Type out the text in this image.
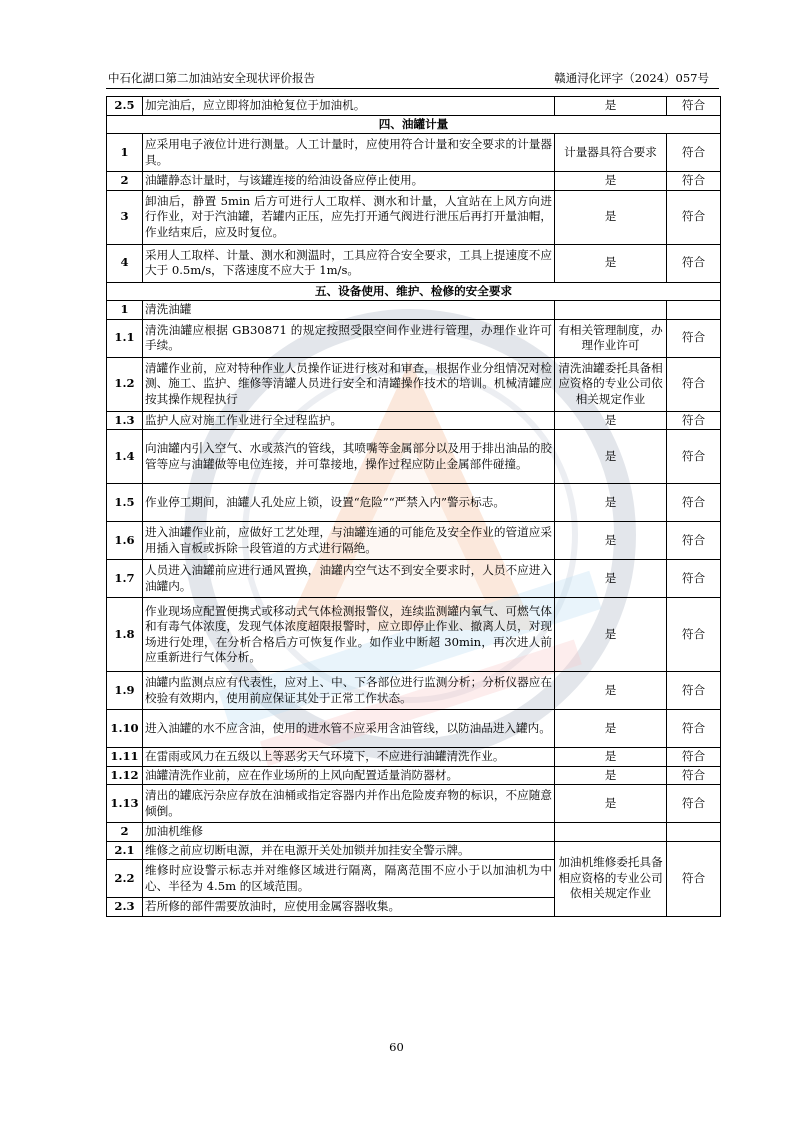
中石化湖口第二加油站安全现状评价报告	赣通浔化评字（2024）057号
2.5	加完油后，应立即将加油枪复位于加油机。	是	符合
四、油罐计量			
1	应采用电子液位计进行测量。人工计量时，应使用符合计量和安全要求的计量器具。	计量器具符合要求	符合
2	油罐静态计量时，与该罐连接的给油设备应停止使用。	是	符合
3	卸油后，静置 5min 后方可进行人工取样、测水和计量，人宜站在上风方向进行作业，对于汽油罐，若罐内正压，应先打开通气阀进行泄压后再打开量油帽，作业结束后，应及时复位。	是	符合
4	采用人工取样、计量、测水和测温时，工具应符合安全要求，工具上提速度不应大于 0.5m/s，下落速度不应大于 1m/s。	是	符合
五、设备使用、维护、检修的安全要求			
1	清洗油罐		
1.1	清洗油罐应根据 GB30871 的规定按照受限空间作业进行管理，办理作业许可手续。	有相关管理制度，办理作业许可	符合
1.2	清罐作业前，应对特种作业人员操作证进行核对和审查，根据作业分组情况对检测、施工、监护、维修等清罐人员进行安全和清罐操作技术的培训。机械清罐应按其操作规程执行	清洗油罐委托具备相应资格的专业公司依相关规定作业	符合
1.3	监护人应对施工作业进行全过程监护。	是	符合
1.4	向油罐内引入空气、水或蒸汽的管线，其喷嘴等金属部分以及用于排出油品的胶管等应与油罐做等电位连接，并可靠接地，操作过程应防止金属部件碰撞。	是	符合
1.5	作业停工期间，油罐人孔处应上锁，设置“危险”“严禁入内”警示标志。	是	符合
1.6	进入油罐作业前，应做好工艺处理，与油罐连通的可能危及安全作业的管道应采用插入盲板或拆除一段管道的方式进行隔绝。	是	符合
1.7	人员进入油罐前应进行通风置换，油罐内空气达不到安全要求时，人员不应进入油罐内。	是	符合
1.8	作业现场应配置便携式或移动式气体检测报警仪，连续监测罐内氧气、可燃气体和有毒气体浓度，发现气体浓度超限报警时，应立即停止作业、撤离人员，对现场进行处理，在分析合格后方可恢复作业。如作业中断超 30min，再次进人前应重新进行气体分析。	是	符合
1.9	油罐内监测点应有代表性，应对上、中、下各部位进行监测分析；分析仪器应在校验有效期内，使用前应保证其处于正常工作状态。	是	符合
1.10	进入油罐的水不应含油，使用的进水管不应采用含油管线，以防油品进入罐内。	是	符合
1.11	在雷雨或风力在五级以上等恶劣天气环境下，不应进行油罐清洗作业。	是	符合
1.12	油罐清洗作业前，应在作业场所的上风向配置适量消防器材。	是	符合
1.13	清出的罐底污杂应存放在油桶或指定容器内并作出危险废弃物的标识，不应随意倾倒。	是	符合
2	加油机维修		
2.1	维修之前应切断电源，并在电源开关处加锁并加挂安全警示牌。	加油机维修委托具备相应资格的专业公司依相关规定作业	符合
2.2	维修时应设警示标志并对维修区域进行隔离，隔离范围不应小于以加油机为中心、半径为 4.5m 的区域范围。		
2.3	若所修的部件需要放油时，应使用金属容器收集。		
60
